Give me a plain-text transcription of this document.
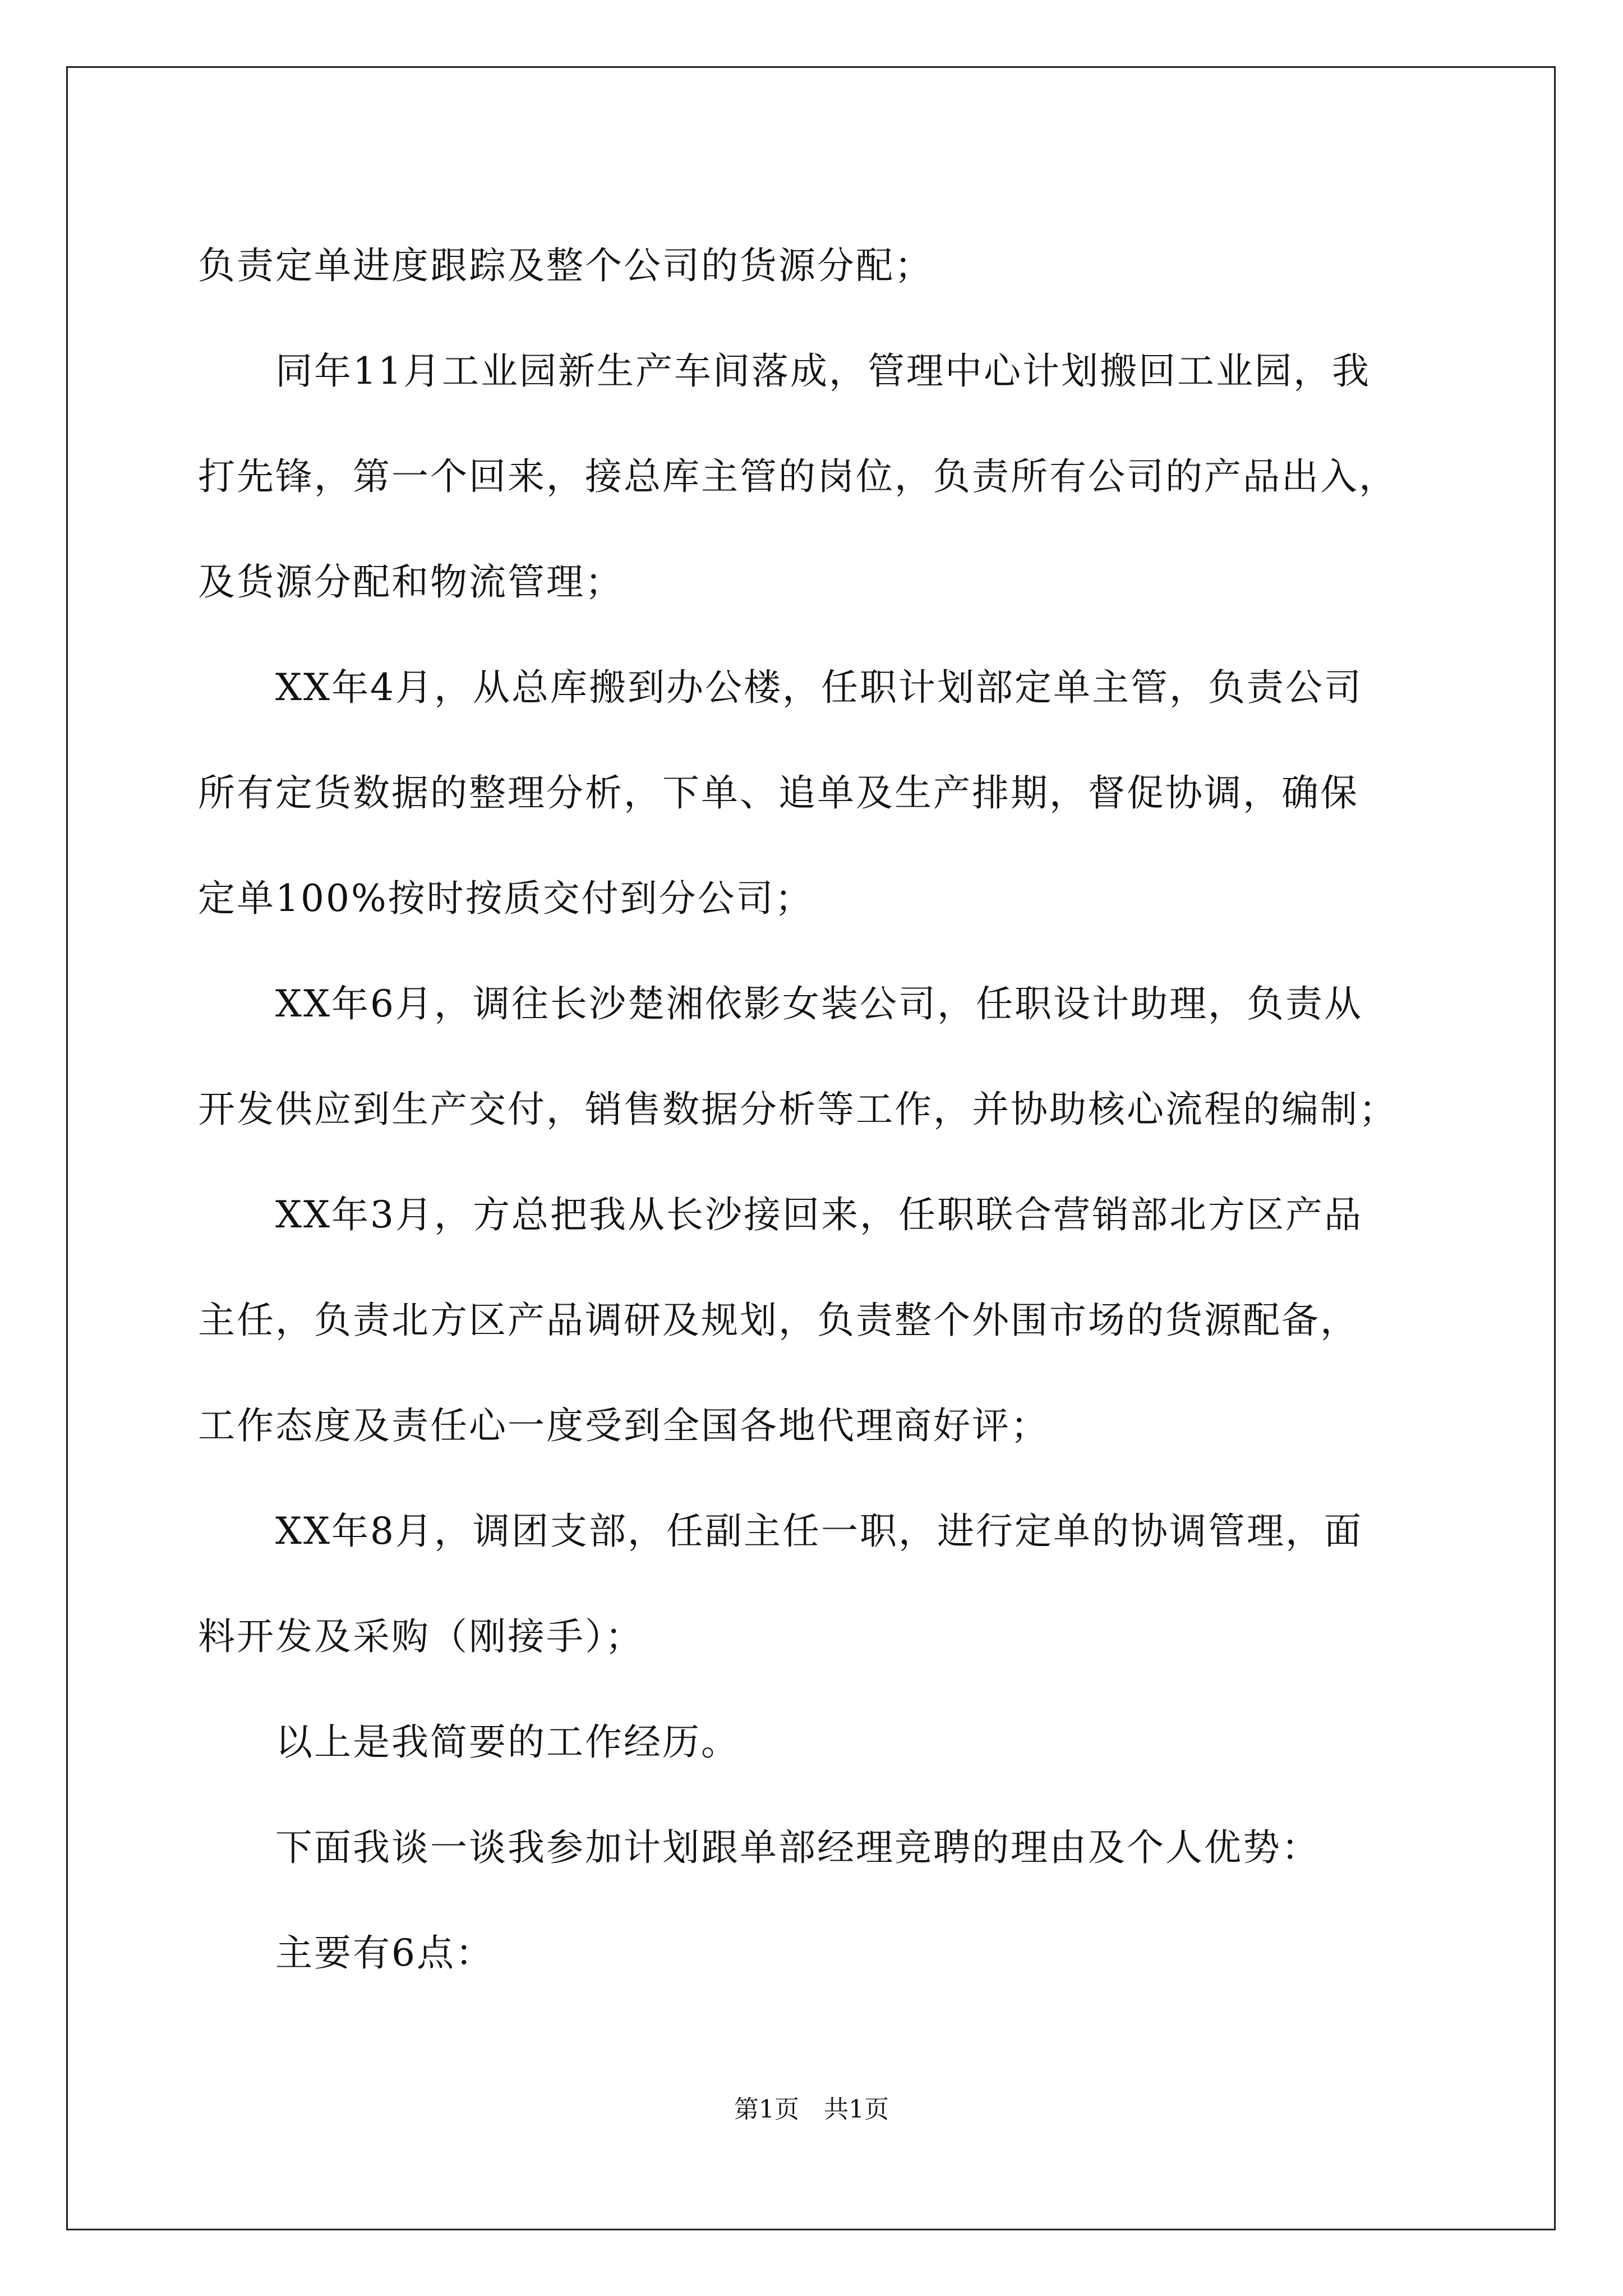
负责定单进度跟踪及整个公司的货源分配；

　　同年11月工业园新生产车间落成，管理中心计划搬回工业园，我

打先锋，第一个回来，接总库主管的岗位，负责所有公司的产品出入，

及货源分配和物流管理；

　　XX年4月，从总库搬到办公楼，任职计划部定单主管，负责公司

所有定货数据的整理分析，下单、追单及生产排期，督促协调，确保

定单100%按时按质交付到分公司；

　　XX年6月，调往长沙楚湘依影女装公司，任职设计助理，负责从

开发供应到生产交付，销售数据分析等工作，并协助核心流程的编制；

　　XX年3月，方总把我从长沙接回来，任职联合营销部北方区产品

主任，负责北方区产品调研及规划，负责整个外围市场的货源配备，

工作态度及责任心一度受到全国各地代理商好评；

　　XX年8月，调团支部，任副主任一职，进行定单的协调管理，面

料开发及采购（刚接手）；

　　以上是我简要的工作经历。

　　下面我谈一谈我参加计划跟单部经理竞聘的理由及个人优势：

　　主要有6点：

第1页　共1页
